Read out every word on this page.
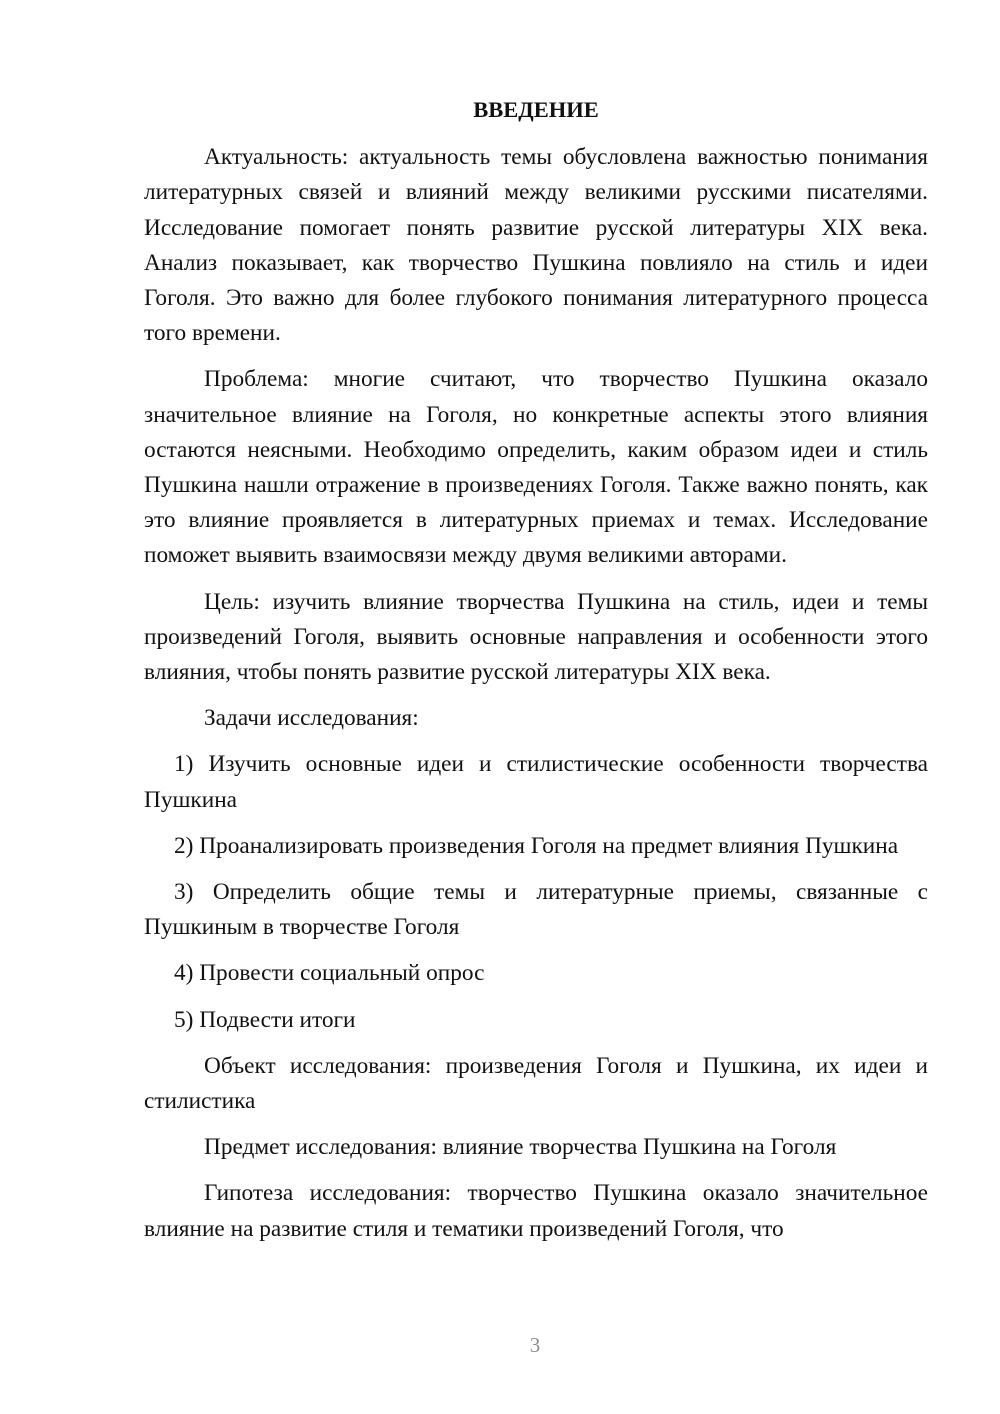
ВВЕДЕНИЕ

Актуальность: актуальность темы обусловлена важностью понимания литературных связей и влияний между великими русскими писателями. Исследование помогает понять развитие русской литературы XIX века. Анализ показывает, как творчество Пушкина повлияло на стиль и идеи Гоголя. Это важно для более глубокого понимания литературного процесса того времени.

Проблема: многие считают, что творчество Пушкина оказало значительное влияние на Гоголя, но конкретные аспекты этого влияния остаются неясными. Необходимо определить, каким образом идеи и стиль Пушкина нашли отражение в произведениях Гоголя. Также важно понять, как это влияние проявляется в литературных приемах и темах. Исследование поможет выявить взаимосвязи между двумя великими авторами.

Цель: изучить влияние творчества Пушкина на стиль, идеи и темы произведений Гоголя, выявить основные направления и особенности этого влияния, чтобы понять развитие русской литературы XIX века.

Задачи исследования:

1) Изучить основные идеи и стилистические особенности творчества Пушкина

2) Проанализировать произведения Гоголя на предмет влияния Пушкина

3) Определить общие темы и литературные приемы, связанные с Пушкиным в творчестве Гоголя

4) Провести социальный опрос

5) Подвести итоги

Объект исследования: произведения Гоголя и Пушкина, их идеи и стилистика

Предмет исследования: влияние творчества Пушкина на Гоголя

Гипотеза исследования: творчество Пушкина оказало значительное влияние на развитие стиля и тематики произведений Гоголя, что

3
